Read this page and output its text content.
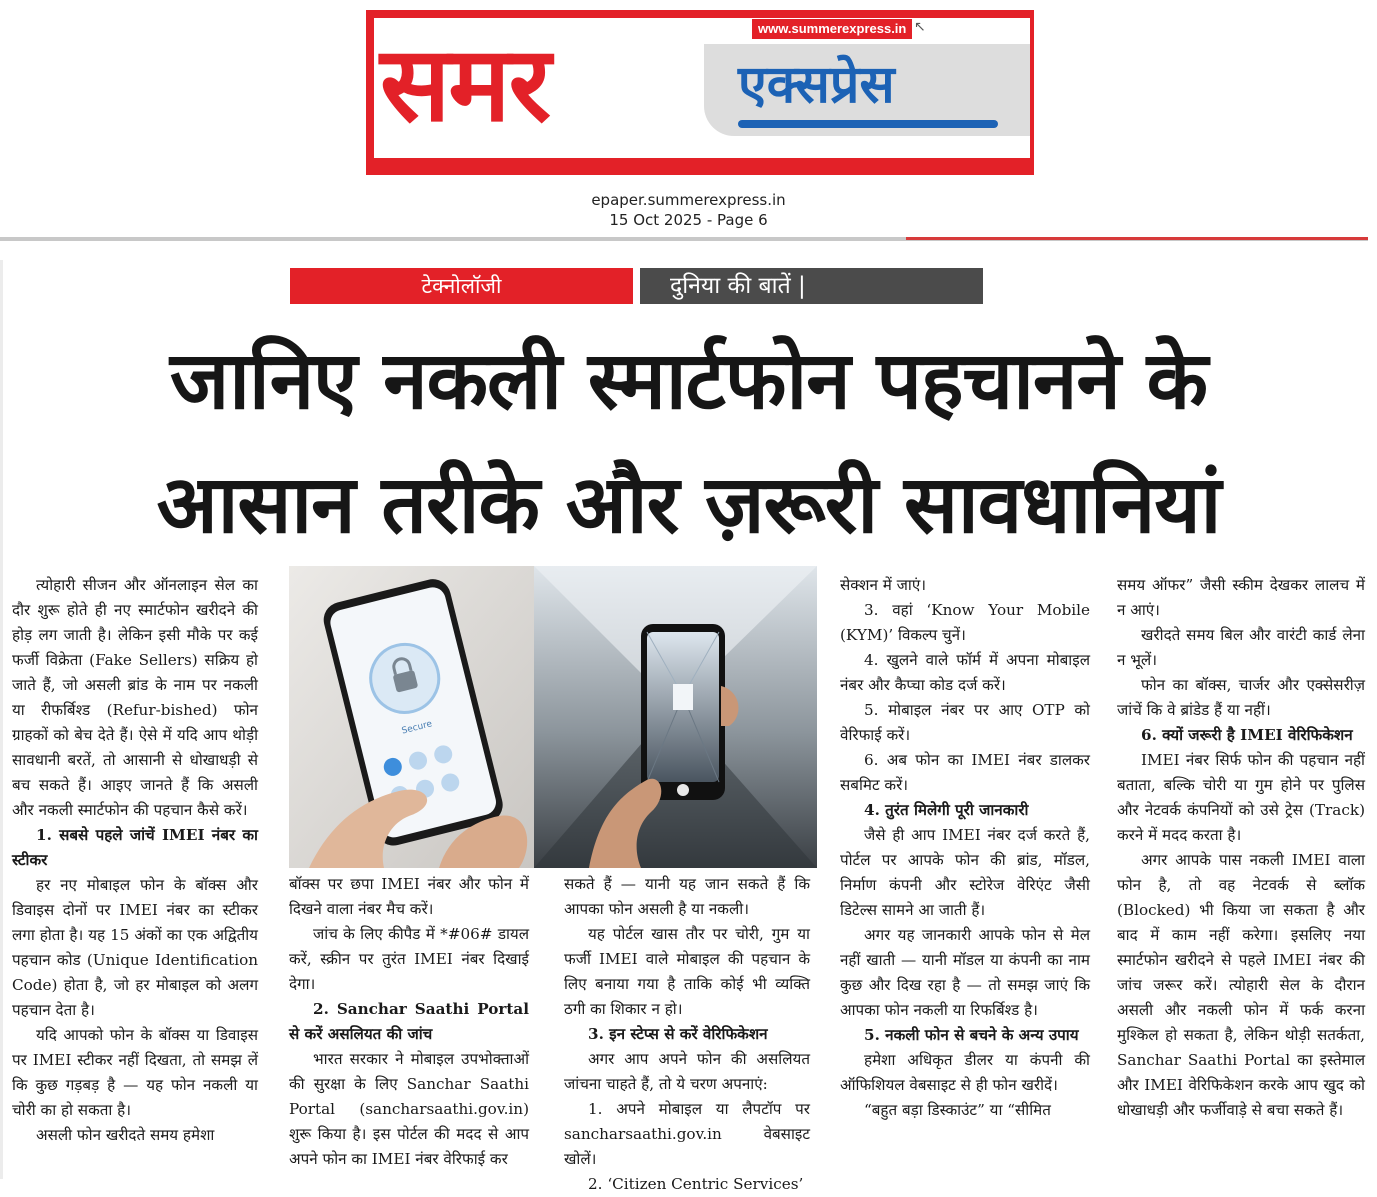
समर	www.summerexpress.in ↖
एक्सप्रेस
epaper.summerexpress.in
15 Oct 2025 - Page 6
टेक्नोलॉजी	दुनिया की बातें |
जानिए नकली स्मार्टफोन पहचानने के
आसान तरीके और ज़रूरी सावधानियां
Secure

त्योहारी सीजन और ऑनलाइन सेल का दौर शुरू होते ही नए स्मार्टफोन खरीदने की होड़ लग जाती है। लेकिन इसी मौके पर कई फर्जी विक्रेता (Fake Sellers) सक्रिय हो जाते हैं, जो असली ब्रांड के नाम पर नकली या रीफर्बिश्ड (Refur-bished) फोन ग्राहकों को बेच देते हैं। ऐसे में यदि आप थोड़ी सावधानी बरतें, तो आसानी से धोखाधड़ी से बच सकते हैं। आइए जानते हैं कि असली और नकली स्मार्टफोन की पहचान कैसे करें।

1. सबसे पहले जांचें IMEI नंबर का स्टीकर

हर नए मोबाइल फोन के बॉक्स और डिवाइस दोनों पर IMEI नंबर का स्टीकर लगा होता है। यह 15 अंकों का एक अद्वितीय पहचान कोड (Unique Identification Code) होता है, जो हर मोबाइल को अलग पहचान देता है।

यदि आपको फोन के बॉक्स या डिवाइस पर IMEI स्टीकर नहीं दिखता, तो समझ लें कि कुछ गड़बड़ है — यह फोन नकली या चोरी का हो सकता है।

असली फोन खरीदते समय हमेशा

बॉक्स पर छपा IMEI नंबर और फोन में दिखने वाला नंबर मैच करें।

जांच के लिए कीपैड में *#06# डायल करें, स्क्रीन पर तुरंत IMEI नंबर दिखाई देगा।

2. Sanchar Saathi Portal से करें असलियत की जांच

भारत सरकार ने मोबाइल उपभोक्ताओं की सुरक्षा के लिए Sanchar Saathi Portal (sancharsaathi.gov.in) शुरू किया है। इस पोर्टल की मदद से आप अपने फोन का IMEI नंबर वेरिफाई कर

सकते हैं — यानी यह जान सकते हैं कि आपका फोन असली है या नकली।

यह पोर्टल खास तौर पर चोरी, गुम या फर्जी IMEI वाले मोबाइल की पहचान के लिए बनाया गया है ताकि कोई भी व्यक्ति ठगी का शिकार न हो।

3. इन स्टेप्स से करें वेरिफिकेशन

अगर आप अपने फोन की असलियत जांचना चाहते हैं, तो ये चरण अपनाएं:

1. अपने मोबाइल या लैपटॉप पर sancharsaathi.gov.in वेबसाइट खोलें।

2. ‘Citizen Centric Services’

सेक्शन में जाएं।

3. वहां ‘Know Your Mobile (KYM)’ विकल्प चुनें।

4. खुलने वाले फॉर्म में अपना मोबाइल नंबर और कैप्चा कोड दर्ज करें।

5. मोबाइल नंबर पर आए OTP को वेरिफाई करें।

6. अब फोन का IMEI नंबर डालकर सबमिट करें।

4. तुरंत मिलेगी पूरी जानकारी

जैसे ही आप IMEI नंबर दर्ज करते हैं, पोर्टल पर आपके फोन की ब्रांड, मॉडल, निर्माण कंपनी और स्टोरेज वेरिएंट जैसी डिटेल्स सामने आ जाती हैं।

अगर यह जानकारी आपके फोन से मेल नहीं खाती — यानी मॉडल या कंपनी का नाम कुछ और दिख रहा है — तो समझ जाएं कि आपका फोन नकली या रिफर्बिश्ड है।

5. नकली फोन से बचने के अन्य उपाय

हमेशा अधिकृत डीलर या कंपनी की ऑफिशियल वेबसाइट से ही फोन खरीदें।

“बहुत बड़ा डिस्काउंट” या “सीमित

समय ऑफर” जैसी स्कीम देखकर लालच में न आएं।

खरीदते समय बिल और वारंटी कार्ड लेना न भूलें।

फोन का बॉक्स, चार्जर और एक्सेसरीज़ जांचें कि वे ब्रांडेड हैं या नहीं।

6. क्यों जरूरी है IMEI वेरिफिकेशन

IMEI नंबर सिर्फ फोन की पहचान नहीं बताता, बल्कि चोरी या गुम होने पर पुलिस और नेटवर्क कंपनियों को उसे ट्रेस (Track) करने में मदद करता है।

अगर आपके पास नकली IMEI वाला फोन है, तो वह नेटवर्क से ब्लॉक (Blocked) भी किया जा सकता है और बाद में काम नहीं करेगा। इसलिए नया स्मार्टफोन खरीदने से पहले IMEI नंबर की जांच जरूर करें। त्योहारी सेल के दौरान असली और नकली फोन में फर्क करना मुश्किल हो सकता है, लेकिन थोड़ी सतर्कता, Sanchar Saathi Portal का इस्तेमाल और IMEI वेरिफिकेशन करके आप खुद को धोखाधड़ी और फर्जीवाड़े से बचा सकते हैं।
